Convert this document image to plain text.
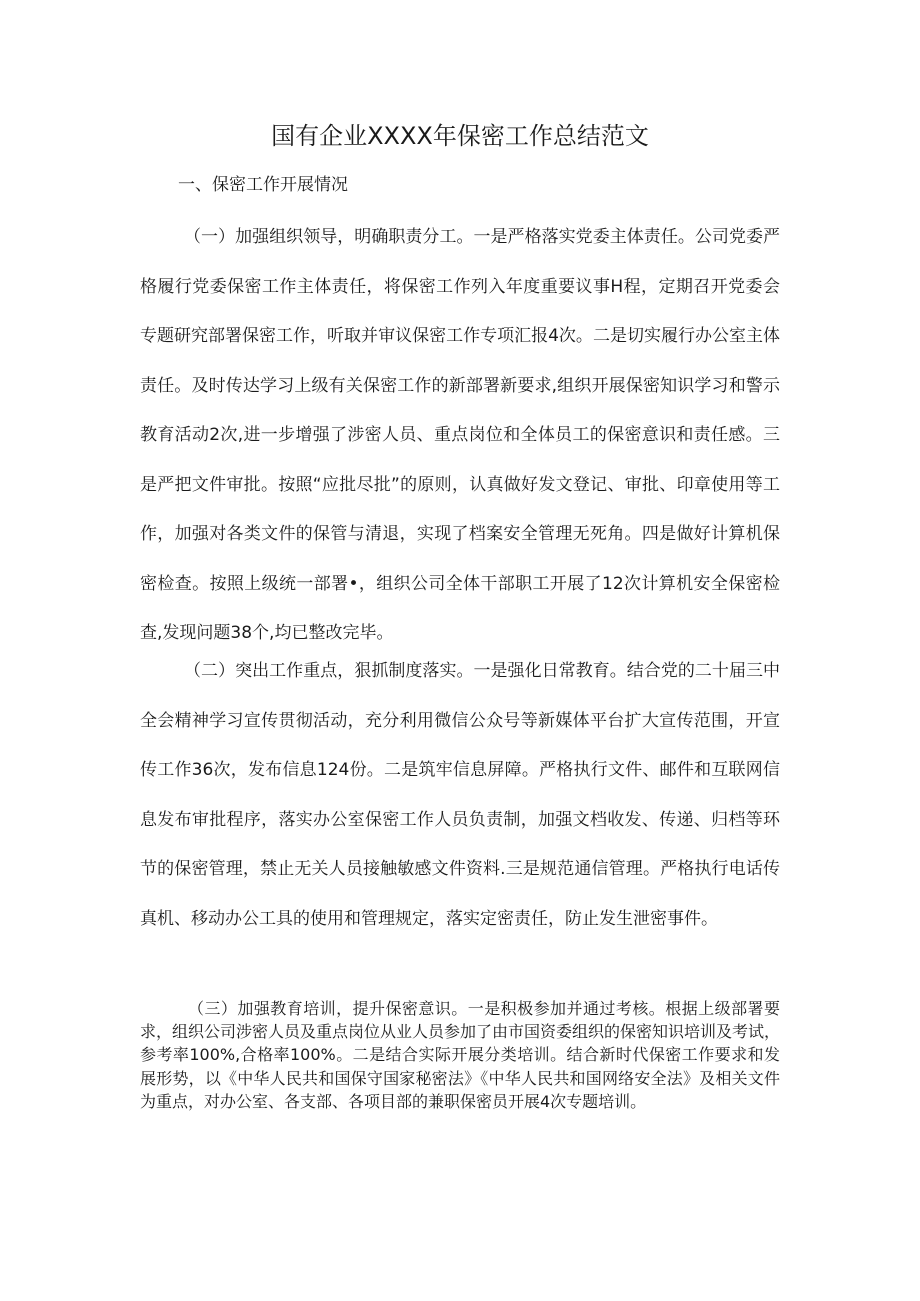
国有企业XXXX年保密工作总结范文
一、保密工作开展情况

（一）加强组织领导，明确职责分工。一是严格落实党委主体责任。公司党委严格履行党委保密工作主体责任，将保密工作列入年度重要议事H程，定期召开党委会专题研究部署保密工作，听取并审议保密工作专项汇报4次。二是切实履行办公室主体责任。及时传达学习上级有关保密工作的新部署新要求,组织开展保密知识学习和警示教育活动2次,进一步增强了涉密人员、重点岗位和全体员工的保密意识和责任感。三是严把文件审批。按照“应批尽批”的原则，认真做好发文登记、审批、印章使用等工作，加强对各类文件的保管与清退，实现了档案安全管理无死角。四是做好计算机保密检查。按照上级统一部署•，组织公司全体干部职工开展了12次计算机安全保密检查,发现问题38个,均已整改完毕。

（二）突出工作重点，狠抓制度落实。一是强化日常教育。结合党的二十届三中全会精神学习宣传贯彻活动，充分利用微信公众号等新媒体平台扩大宣传范围，开宣传工作36次，发布信息124份。二是筑牢信息屏障。严格执行文件、邮件和互联网信息发布审批程序，落实办公室保密工作人员负责制，加强文档收发、传递、归档等环节的保密管理，禁止无关人员接触敏感文件资料.三是规范通信管理。严格执行电话传真机、移动办公工具的使用和管理规定，落实定密责任，防止发生泄密事件。

（三）加强教育培训，提升保密意识。一是积极参加并通过考核。根据上级部署要求，组织公司涉密人员及重点岗位从业人员参加了由市国资委组织的保密知识培训及考试，参考率100%,合格率100%。二是结合实际开展分类培训。结合新时代保密工作要求和发展形势，以《中华人民共和国保守国家秘密法》《中华人民共和国网络安全法》及相关文件为重点，对办公室、各支部、各项目部的兼职保密员开展4次专题培训。
